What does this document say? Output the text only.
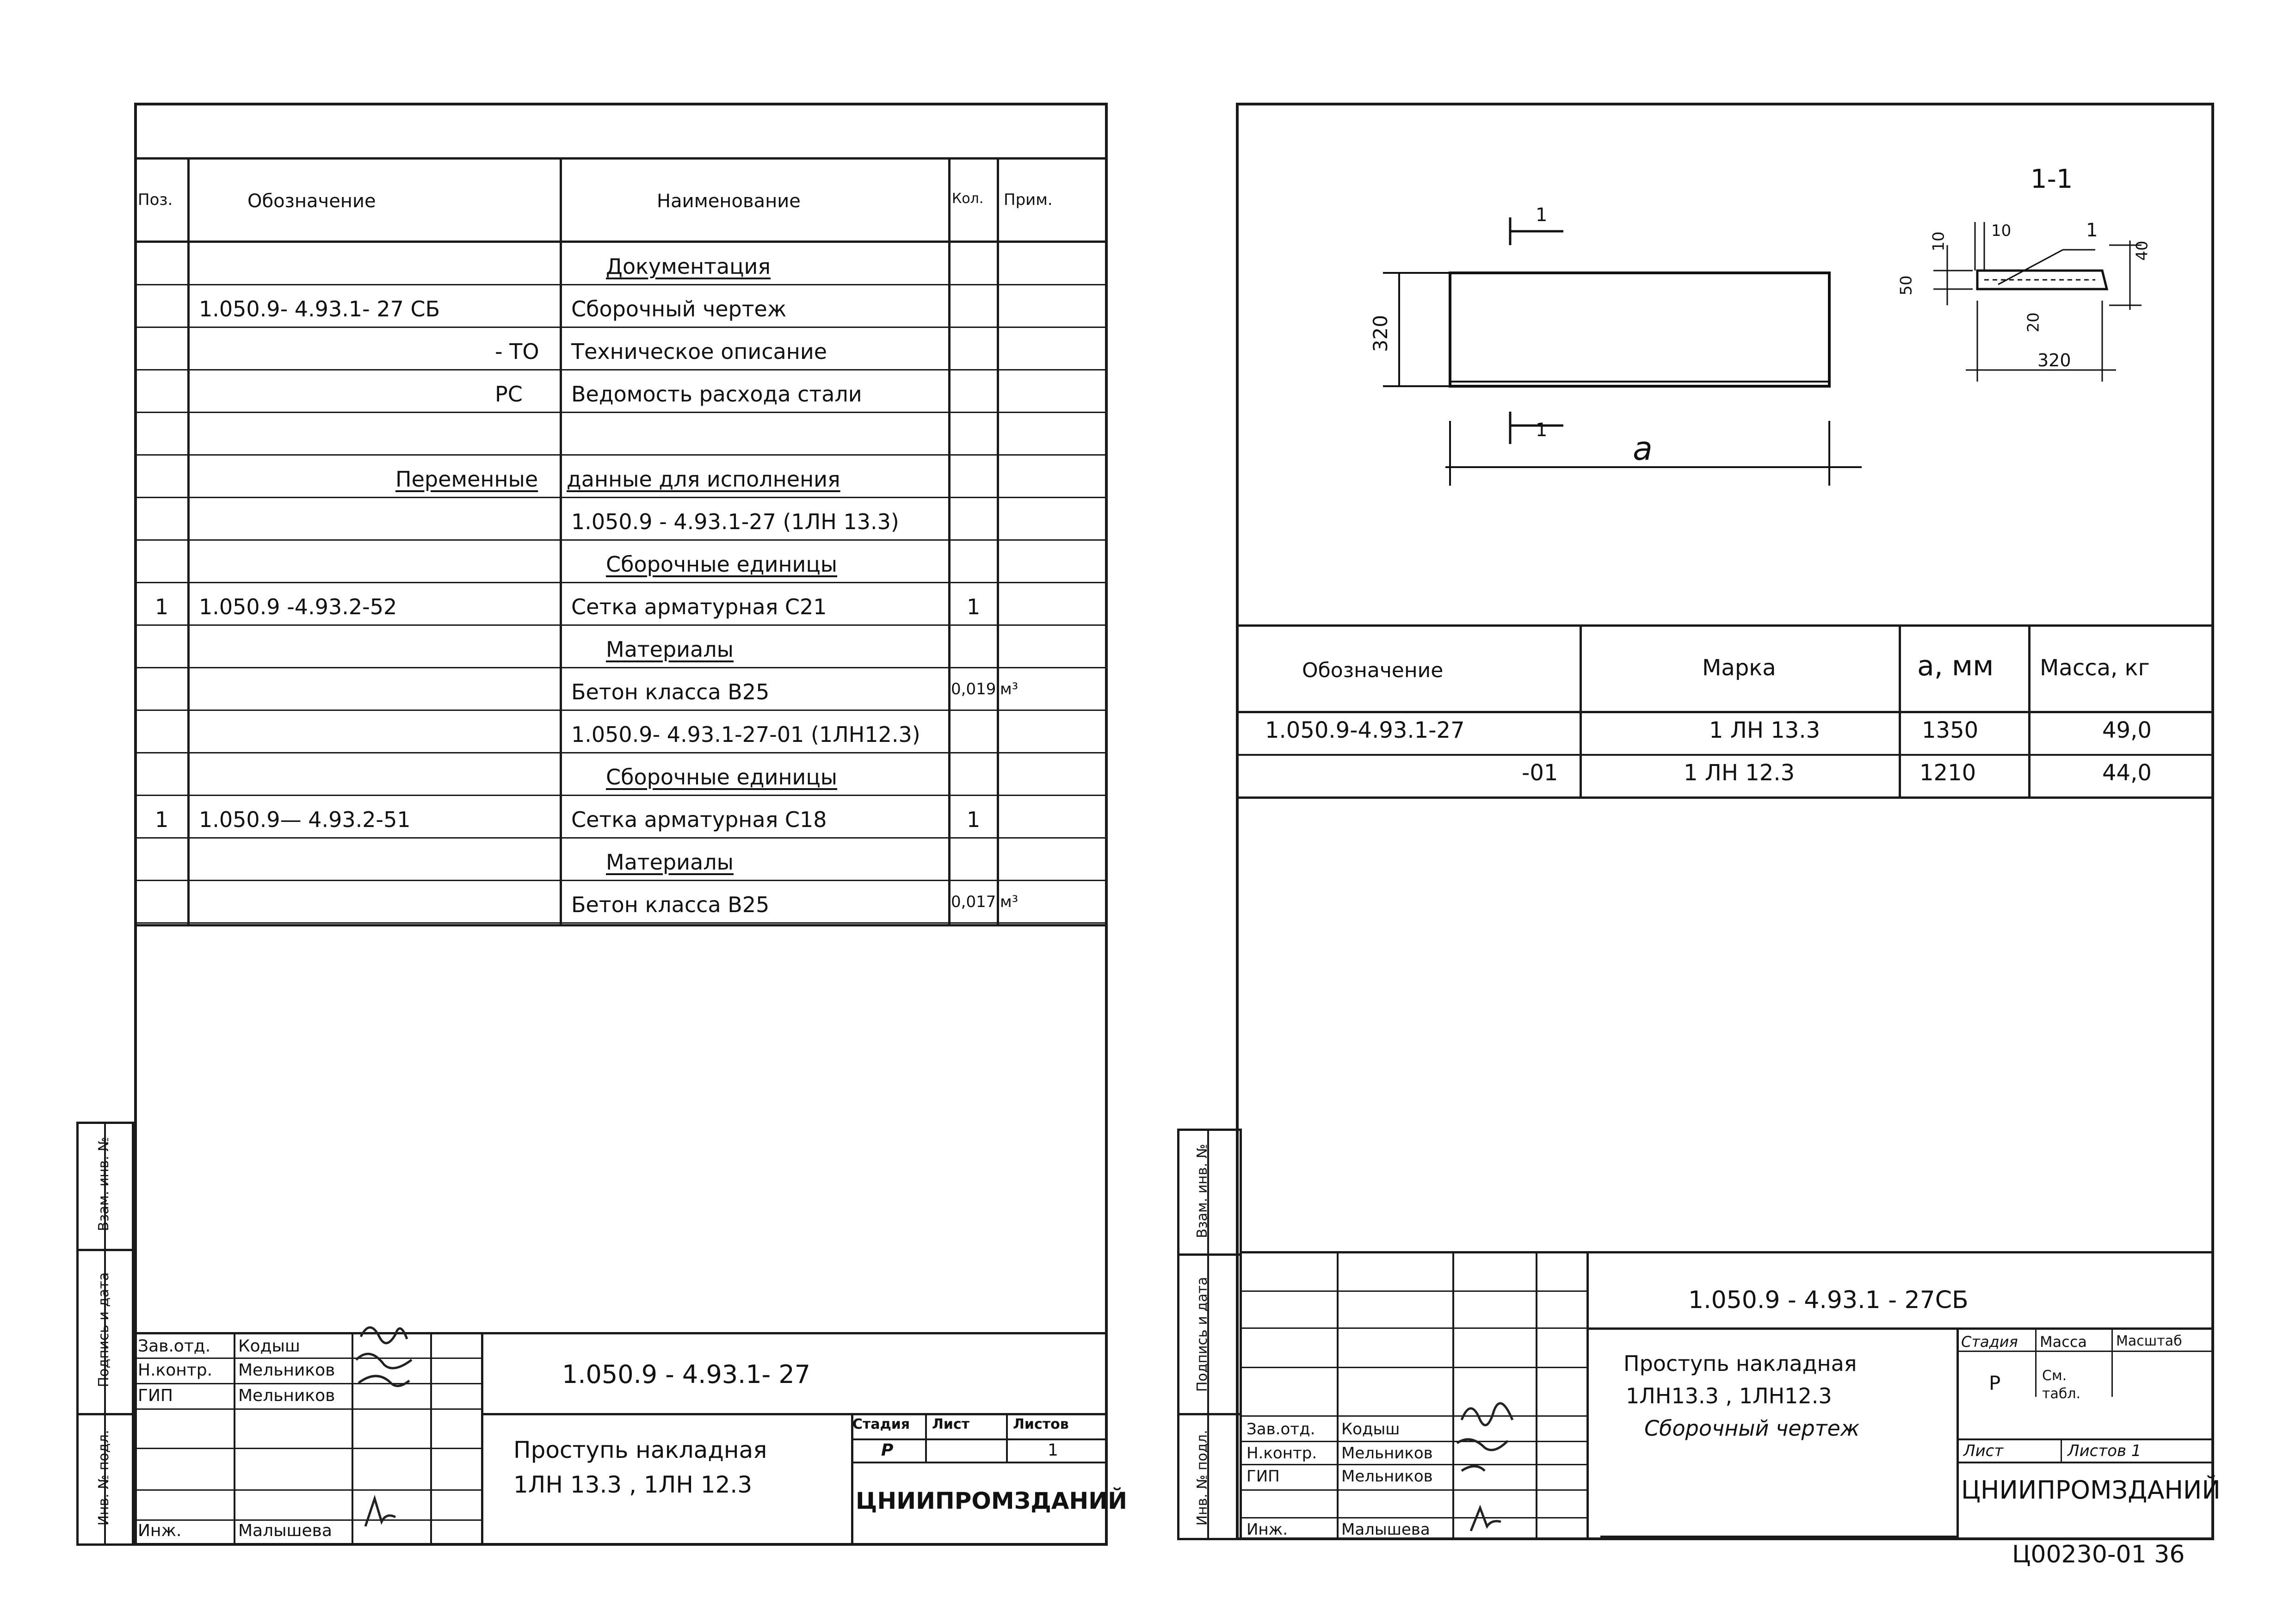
Поз.	Обозначение	Наименование	Кол. Прим.
Документация
1.050.9- 4.93.1- 27 СБ	Сборочный чертеж
- ТО Техническое описание
РС Ведомость расхода стали
Переменные данные для исполнения
1.050.9 - 4.93.1-27 (1ЛН 13.3)
Сборочные единицы
1 1.050.9 -4.93.2-52	Сетка арматурная С21	1
Материалы
Бетон класса В25	0,019 м³
1.050.9- 4.93.1-27-01 (1ЛН12.3)
Сборочные единицы
1 1.050.9— 4.93.2-51	Сетка арматурная С18	1
Материалы
Бетон класса В25	0,017 м³
Зав.отд. Кодыш
Н.контр. Мельников
ГИП	Мельников
Инж.	Малышева
1.050.9 - 4.93.1- 27
Проступь накладная
1ЛН 13.3 , 1ЛН 12.3
Стадия Лист	Листов
Р	1
ЦНИИПРОМЗДАНИЙ
Инв. № подл.
Подпись и дата
Взам. инв. №
1-1
320
a
1
1
10
10	1
50
20
40
320
Обозначение	Марка	a, мм Масса, кг
1.050.9-4.93.1-27	1 ЛН 13.3	1350	49,0
-01	1 ЛН 12.3	1210	44,0
Зав.отд. Кодыш
Н.контр. Мельников
ГИП	Мельников
Инж.	Малышева
1.050.9 - 4.93.1 - 27СБ
Проступь накладная
1ЛН13.3 , 1ЛН12.3
Сборочный чертеж
Стадия Масса Масштаб
Р	См. табл.
Лист	Листов 1
ЦНИИПРОМЗДАНИЙ
Ц00230-01 36
Инв. № подл.
Подпись и дата
Взам. инв. №
